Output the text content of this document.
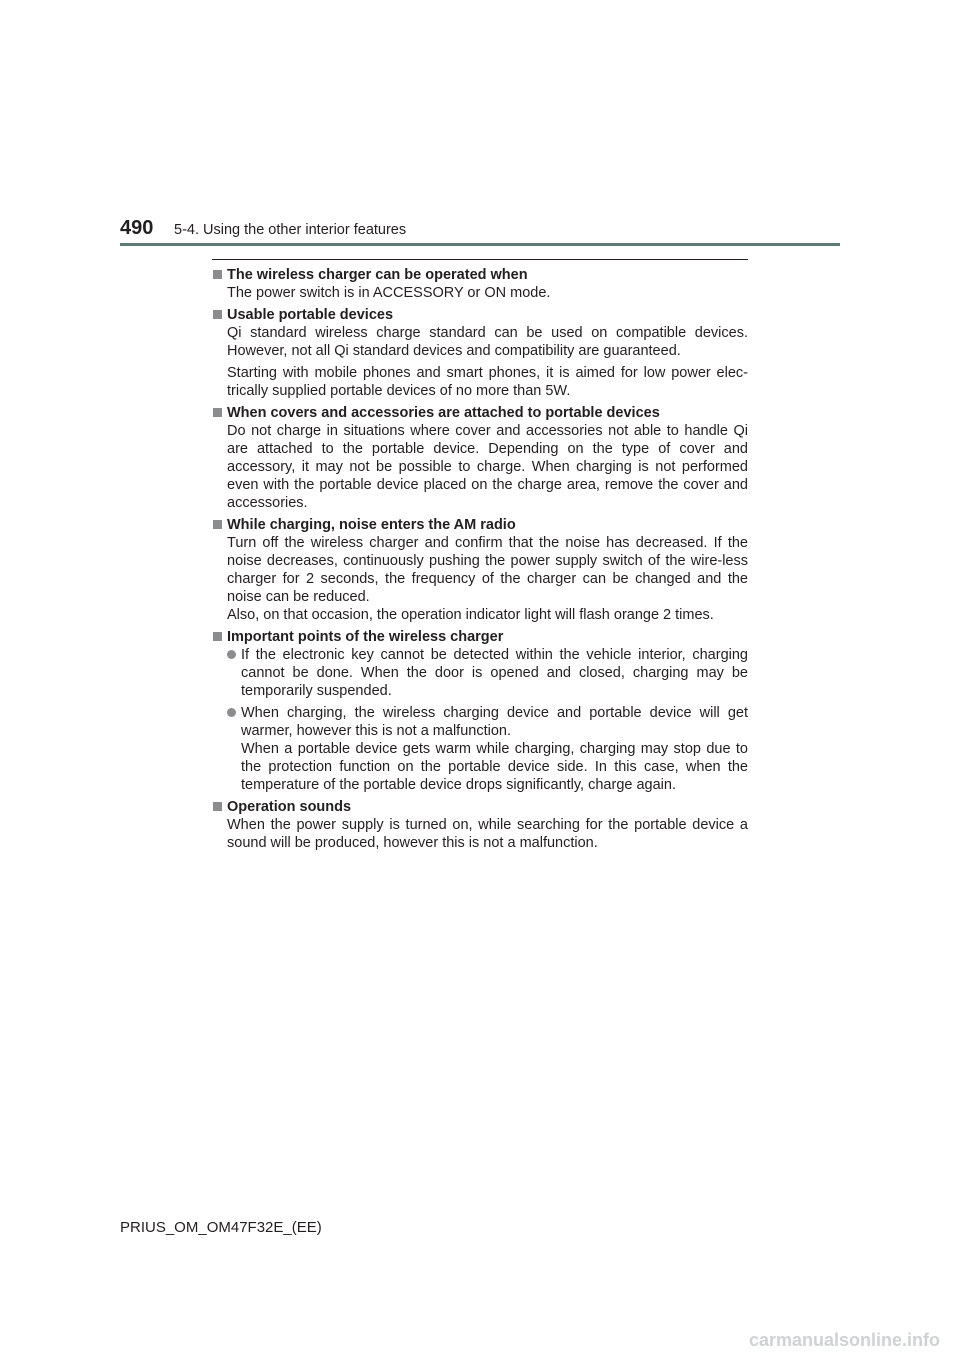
490 5-4. Using the other interior features
The wireless charger can be operated when

The power switch is in ACCESSORY or ON mode.

Usable portable devices

Qi standard wireless charge standard can be used on compatible devices. However, not all Qi standard devices and compatibility are guaranteed.

Starting with mobile phones and smart phones, it is aimed for low power elec-trically supplied portable devices of no more than 5W.

When covers and accessories are attached to portable devices

Do not charge in situations where cover and accessories not able to handle Qi are attached to the portable device. Depending on the type of cover and accessory, it may not be possible to charge. When charging is not performed even with the portable device placed on the charge area, remove the cover and accessories.

While charging, noise enters the AM radio

Turn off the wireless charger and confirm that the noise has decreased. If the noise decreases, continuously pushing the power supply switch of the wire-less charger for 2 seconds, the frequency of the charger can be changed and the noise can be reduced.
Also, on that occasion, the operation indicator light will flash orange 2 times.

Important points of the wireless charger
If the electronic key cannot be detected within the vehicle interior, charging cannot be done. When the door is opened and closed, charging may be temporarily suspended.
When charging, the wireless charging device and portable device will get warmer, however this is not a malfunction.
When a portable device gets warm while charging, charging may stop due to the protection function on the portable device side. In this case, when the temperature of the portable device drops significantly, charge again.
Operation sounds

When the power supply is turned on, while searching for the portable device a sound will be produced, however this is not a malfunction.

PRIUS_OM_OM47F32E_(EE)
carmanualsonline.info
